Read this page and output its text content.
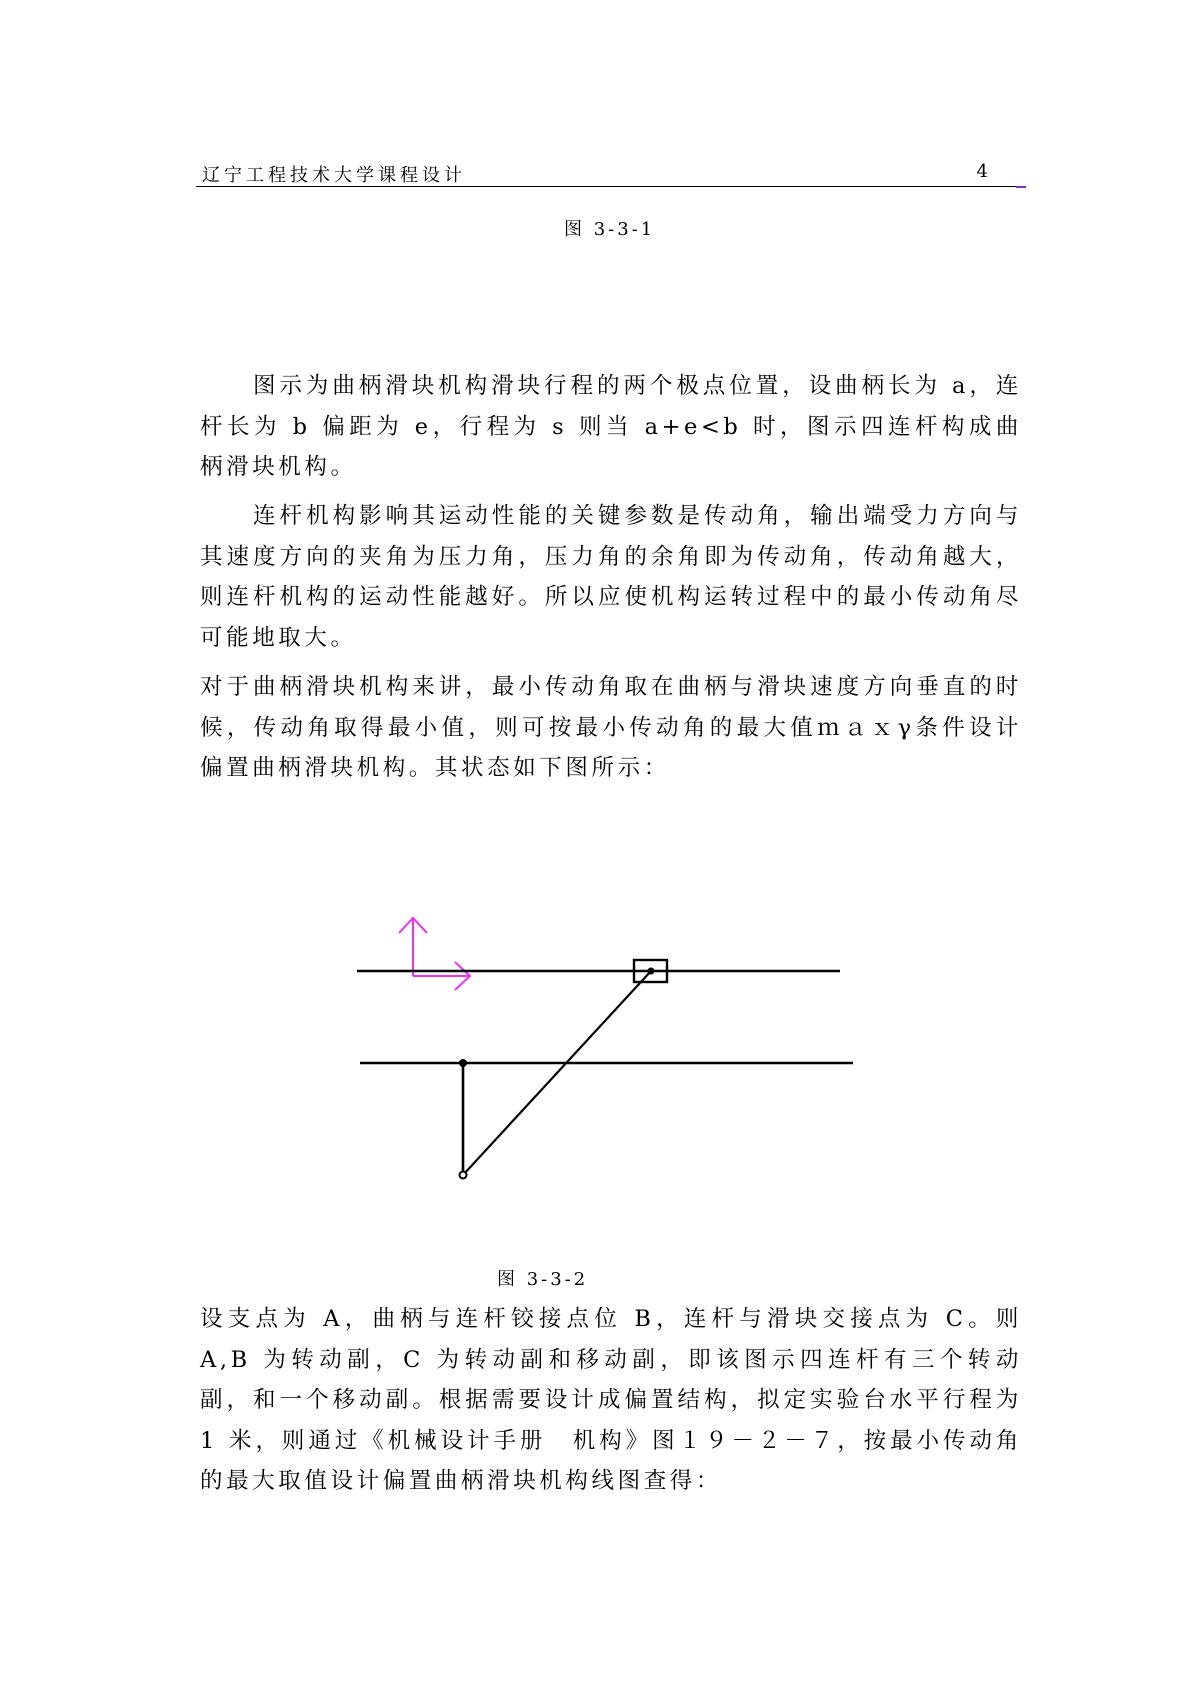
辽宁工程技术大学课程设计	4
图 3-3-1

图示为曲柄滑块机构滑块行程的两个极点位置，设曲柄长为 a，连杆长为 b 偏距为 e，行程为 s 则当 a+e<b 时，图示四连杆构成曲柄滑块机构。

连杆机构影响其运动性能的关键参数是传动角，输出端受力方向与其速度方向的夹角为压力角，压力角的余角即为传动角，传动角越大，则连杆机构的运动性能越好。所以应使机构运转过程中的最小传动角尽可能地取大。

对于曲柄滑块机构来讲，最小传动角取在曲柄与滑块速度方向垂直的时候，传动角取得最小值，则可按最小传动角的最大值ｍａｘγ条件设计偏置曲柄滑块机构。其状态如下图所示：

图 3-3-2

设支点为 A，曲柄与连杆铰接点位 B，连杆与滑块交接点为 C。则 A,B 为转动副，C 为转动副和移动副，即该图示四连杆有三个转动副，和一个移动副。根据需要设计成偏置结构，拟定实验台水平行程为 1 米，则通过《机械设计手册　机构》图１９－２－７，按最小传动角的最大取值设计偏置曲柄滑块机构线图查得：
